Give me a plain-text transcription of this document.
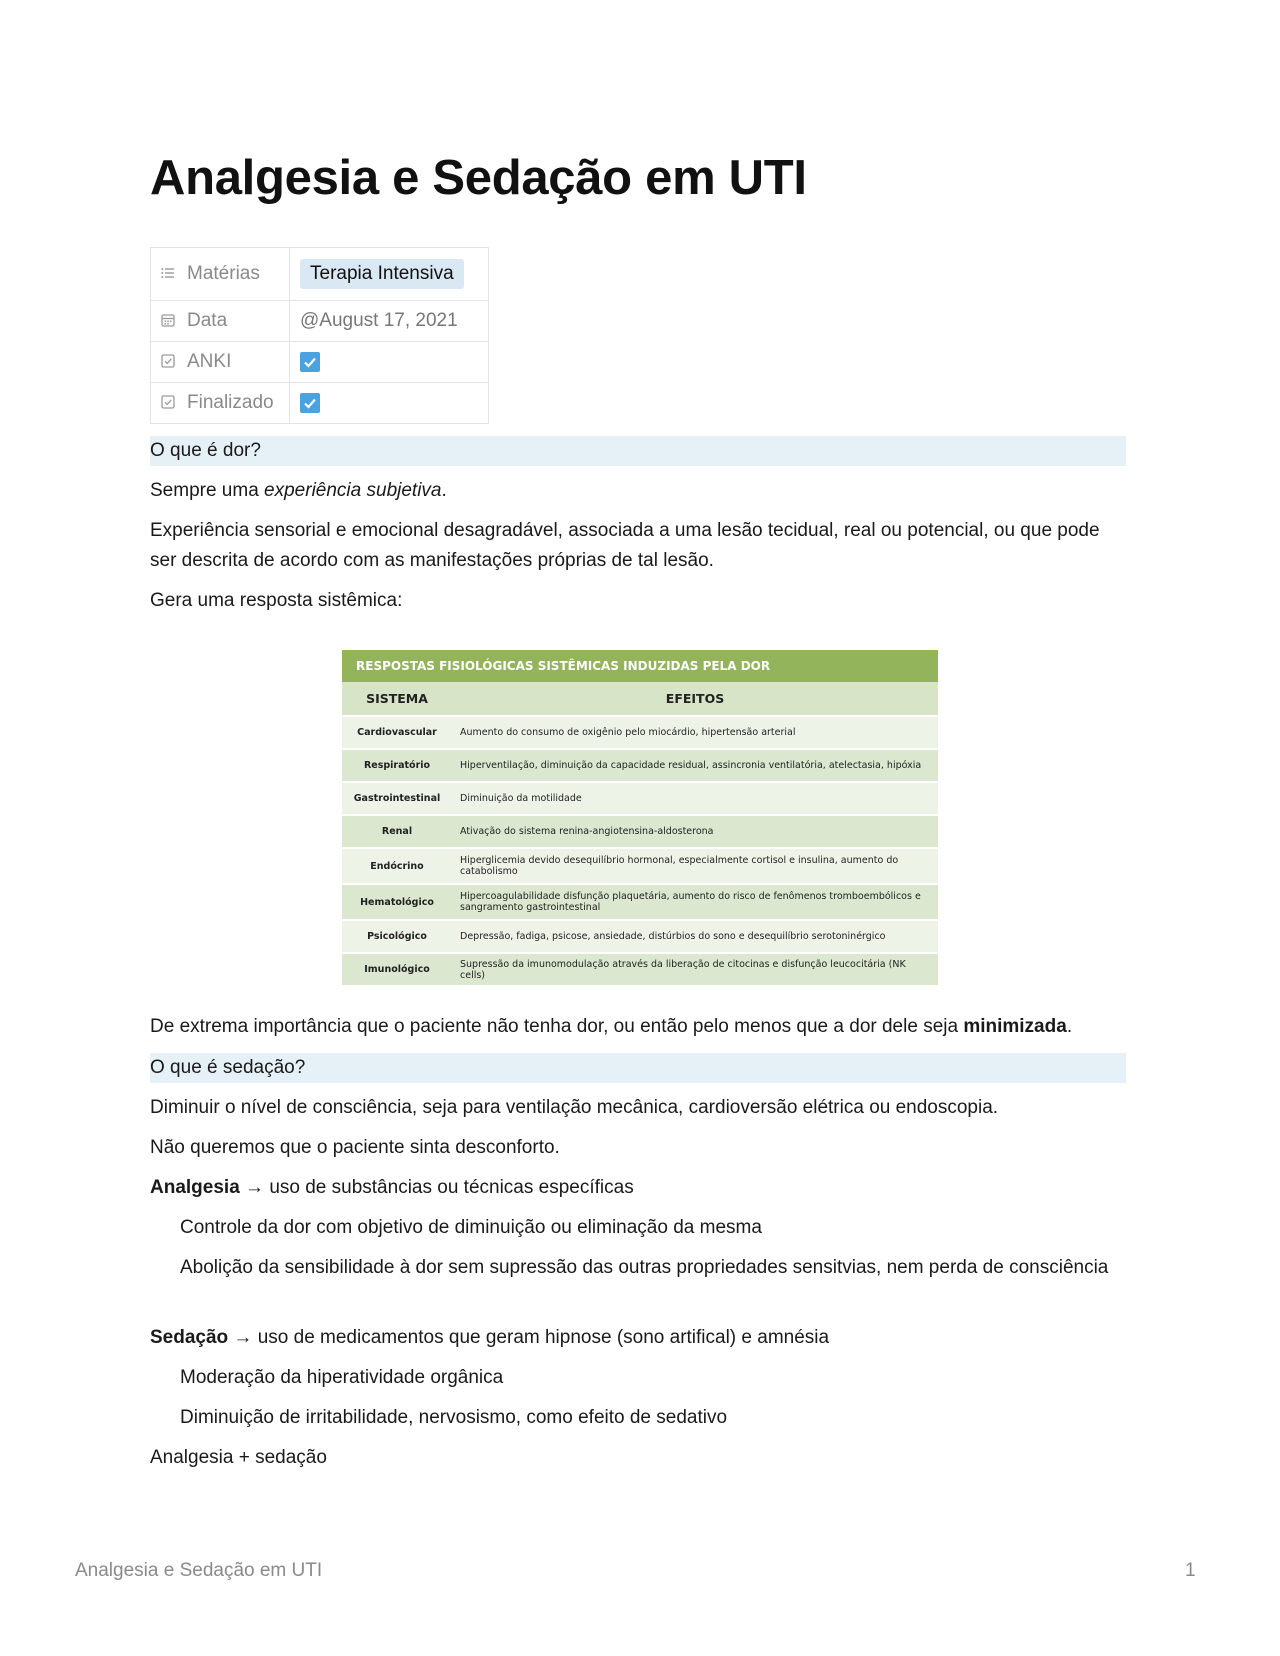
Analgesia e Sedação em UTI
Matérias	Terapia Intensiva
Data	@August 17, 2021
ANKI	
Finalizado	
O que é dor?
Sempre uma experiência subjetiva.
Experiência sensorial e emocional desagradável, associada a uma lesão tecidual, real ou potencial, ou que pode ser descrita de acordo com as manifestações próprias de tal lesão.
Gera uma resposta sistêmica:
De extrema importância que o paciente não tenha dor, ou então pelo menos que a dor dele seja minimizada.
O que é sedação?
Diminuir o nível de consciência, seja para ventilação mecânica, cardioversão elétrica ou endoscopia.
Não queremos que o paciente sinta desconforto.
Analgesia → uso de substâncias ou técnicas específicas
Controle da dor com objetivo de diminuição ou eliminação da mesma
Abolição da sensibilidade à dor sem supressão das outras propriedades sensitvias, nem perda de consciência
Sedação → uso de medicamentos que geram hipnose (sono artifical) e amnésia
Moderação da hiperatividade orgânica
Diminuição de irritabilidade, nervosismo, como efeito de sedativo
Analgesia + sedação
RESPOSTAS FISIOLÓGICAS SISTÊMICAS INDUZIDAS PELA DOR
SISTEMA	EFEITOS
Cardiovascular	Aumento do consumo de oxigênio pelo miocárdio, hipertensão arterial
Respiratório	Hiperventilação, diminuição da capacidade residual, assincronia ventilatória, atelectasia, hipóxia
Gastrointestinal	Diminuição da motilidade
Renal	Ativação do sistema renina-angiotensina-aldosterona
Endócrino	Hiperglicemia devido desequilíbrio hormonal, especialmente cortisol e insulina, aumento do catabolismo
Hematológico	Hipercoagulabilidade disfunção plaquetária, aumento do risco de fenômenos tromboembólicos e sangramento gastrointestinal
Psicológico	Depressão, fadiga, psicose, ansiedade, distúrbios do sono e desequilíbrio serotoninérgico
Imunológico	Supressão da imunomodulação através da liberação de citocinas e disfunção leucocitária (NK cells)
Analgesia e Sedação em UTI	1
